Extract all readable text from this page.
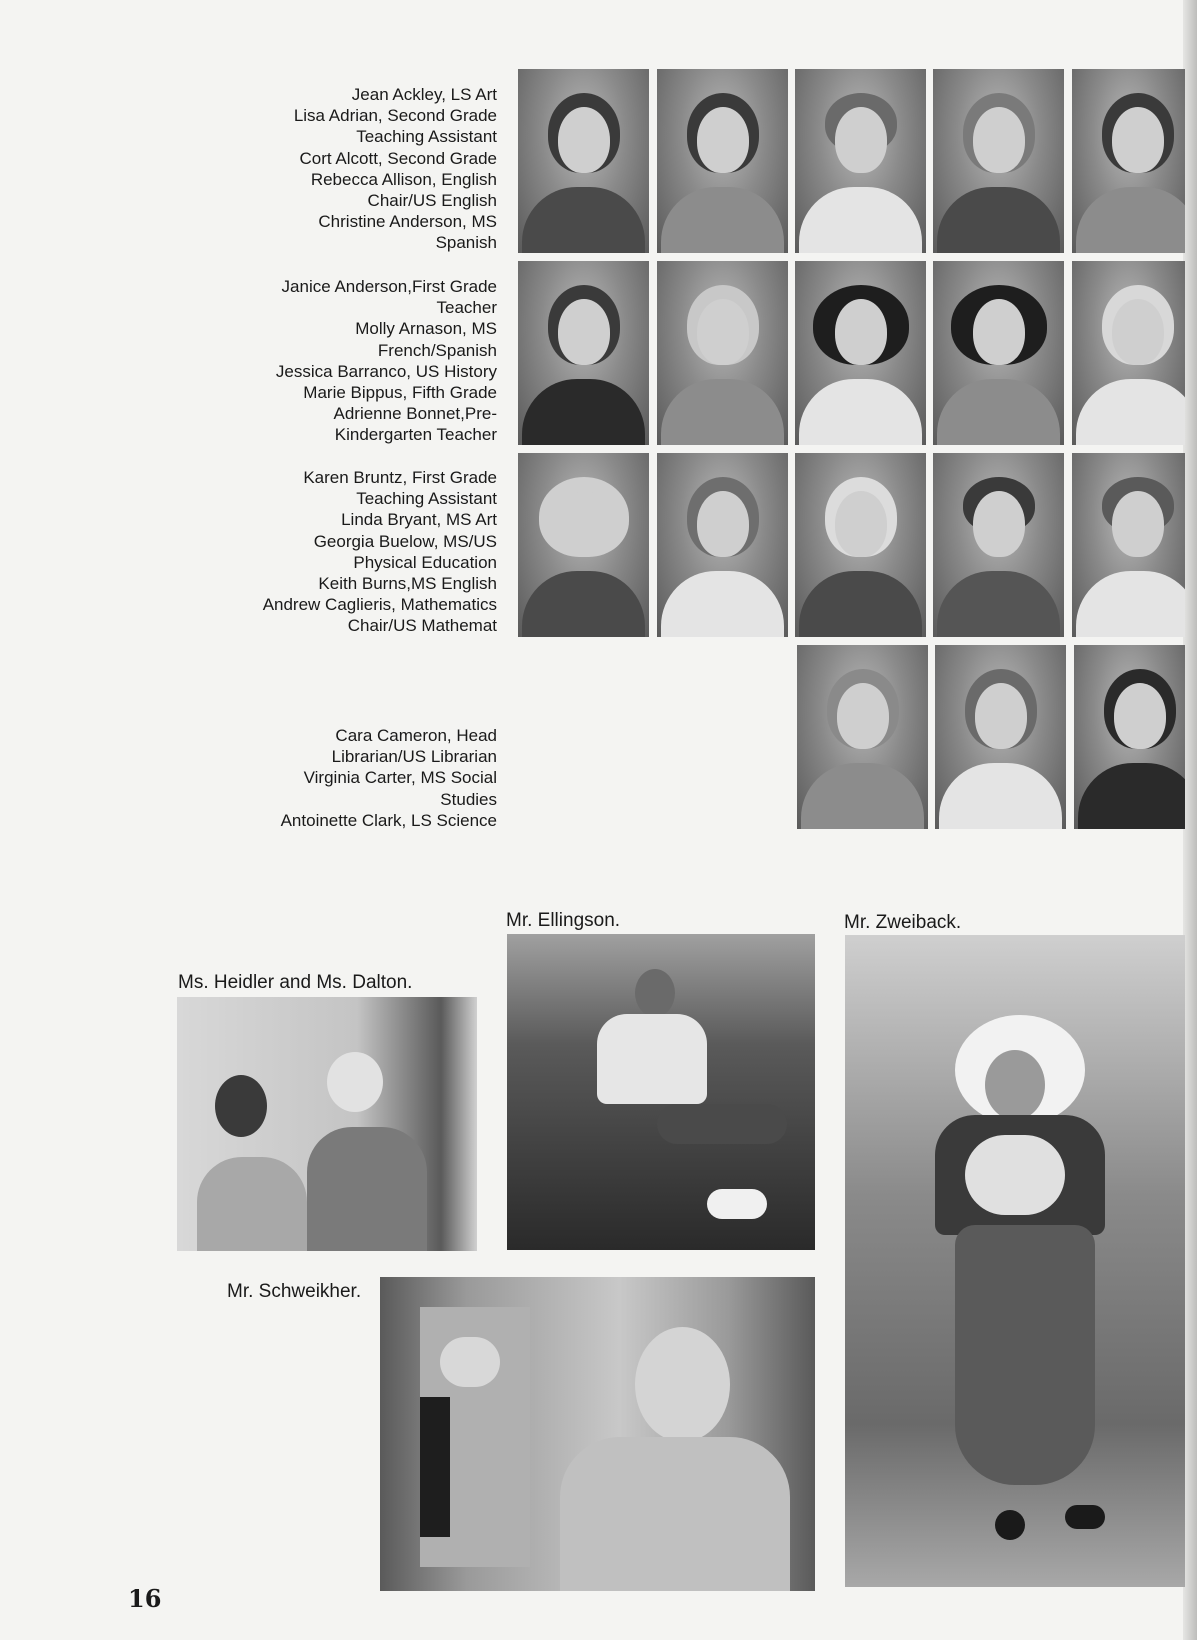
Jean Ackley, LS Art
Lisa Adrian, Second Grade
Teaching Assistant
Cort Alcott, Second Grade
Rebecca Allison, English
Chair/US English
Christine Anderson, MS
Spanish
Janice Anderson,First Grade
Teacher
Molly Arnason, MS
French/Spanish
Jessica Barranco, US History
Marie Bippus, Fifth Grade
Adrienne Bonnet,Pre-
Kindergarten Teacher
Karen Bruntz, First Grade
Teaching Assistant
Linda Bryant, MS Art
Georgia Buelow, MS/US
Physical Education
Keith Burns,MS English
Andrew Caglieris, Mathematics
Chair/US Mathemat
Cara Cameron, Head
Librarian/US Librarian
Virginia Carter, MS Social
Studies
Antoinette Clark, LS Science
Mr. Ellingson.	Mr. Zweiback.
Ms. Heidler and Ms. Dalton.
Mr. Schweikher.
16
